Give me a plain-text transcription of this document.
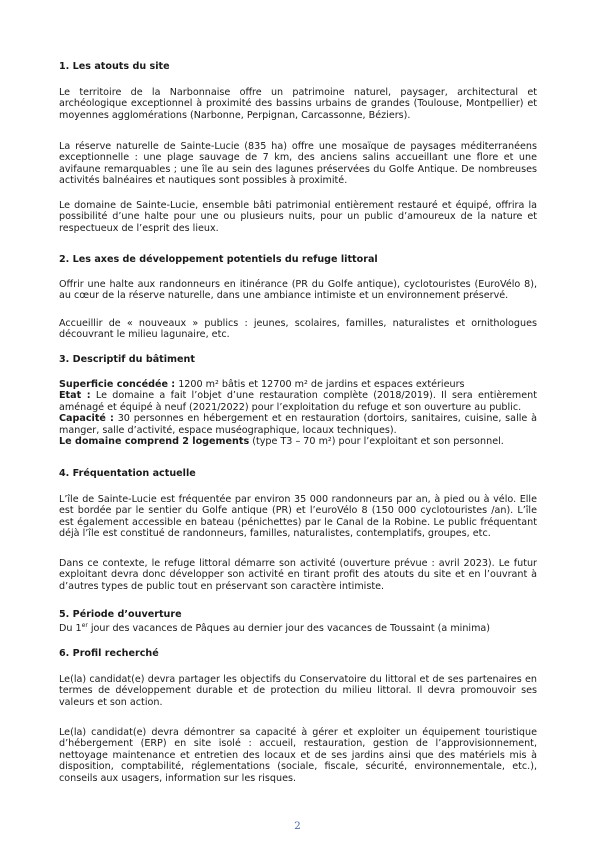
1. Les atouts du site
Le territoire de la Narbonnaise offre un patrimoine naturel, paysager, architectural et archéologique exceptionnel à proximité des bassins urbains de grandes (Toulouse, Montpellier) et moyennes agglomérations (Narbonne, Perpignan, Carcassonne, Béziers).
La réserve naturelle de Sainte-Lucie (835 ha) offre une mosaïque de paysages méditerranéens exceptionnelle : une plage sauvage de 7 km, des anciens salins accueillant une flore et une avifaune remarquables ; une île au sein des lagunes préservées du Golfe Antique. De nombreuses activités balnéaires et nautiques sont possibles à proximité.
Le domaine de Sainte-Lucie, ensemble bâti patrimonial entièrement restauré et équipé, offrira la possibilité d’une halte pour une ou plusieurs nuits, pour un public d’amoureux de la nature et respectueux de l’esprit des lieux.
2. Les axes de développement potentiels du refuge littoral
Offrir une halte aux randonneurs en itinérance (PR du Golfe antique), cyclotouristes (EuroVélo 8), au cœur de la réserve naturelle, dans une ambiance intimiste et un environnement préservé.
Accueillir de « nouveaux » publics : jeunes, scolaires, familles, naturalistes et ornithologues découvrant le milieu lagunaire, etc.
3. Descriptif du bâtiment
Superficie concédée : 1200 m² bâtis et 12700 m² de jardins et espaces extérieurs
Etat : Le domaine a fait l’objet d’une restauration complète (2018/2019). Il sera entièrement aménagé et équipé à neuf (2021/2022) pour l’exploitation du refuge et son ouverture au public.
Capacité : 30 personnes en hébergement et en restauration (dortoirs, sanitaires, cuisine, salle à manger, salle d’activité, espace muséographique, locaux techniques).
Le domaine comprend 2 logements (type T3 – 70 m²) pour l’exploitant et son personnel.
4. Fréquentation actuelle
L’île de Sainte-Lucie est fréquentée par environ 35 000 randonneurs par an, à pied ou à vélo. Elle est bordée par le sentier du Golfe antique (PR) et l’euroVélo 8 (150 000 cyclotouristes /an). L’île est également accessible en bateau (pénichettes) par le Canal de la Robine. Le public fréquentant déjà l’île est constitué de randonneurs, familles, naturalistes, contemplatifs, groupes, etc.
Dans ce contexte, le refuge littoral démarre son activité (ouverture prévue : avril 2023). Le futur exploitant devra donc développer son activité en tirant profit des atouts du site et en l’ouvrant à d’autres types de public tout en préservant son caractère intimiste.
5. Période d’ouverture
Du 1er jour des vacances de Pâques au dernier jour des vacances de Toussaint (a minima)
6. Profil recherché
Le(la) candidat(e) devra partager les objectifs du Conservatoire du littoral et de ses partenaires en termes de développement durable et de protection du milieu littoral. Il devra promouvoir ses valeurs et son action.
Le(la) candidat(e) devra démontrer sa capacité à gérer et exploiter un équipement touristique d’hébergement (ERP) en site isolé : accueil, restauration, gestion de l’approvisionnement, nettoyage maintenance et entretien des locaux et de ses jardins ainsi que des matériels mis à disposition, comptabilité, réglementations (sociale, fiscale, sécurité, environnementale, etc.), conseils aux usagers, information sur les risques.
2
